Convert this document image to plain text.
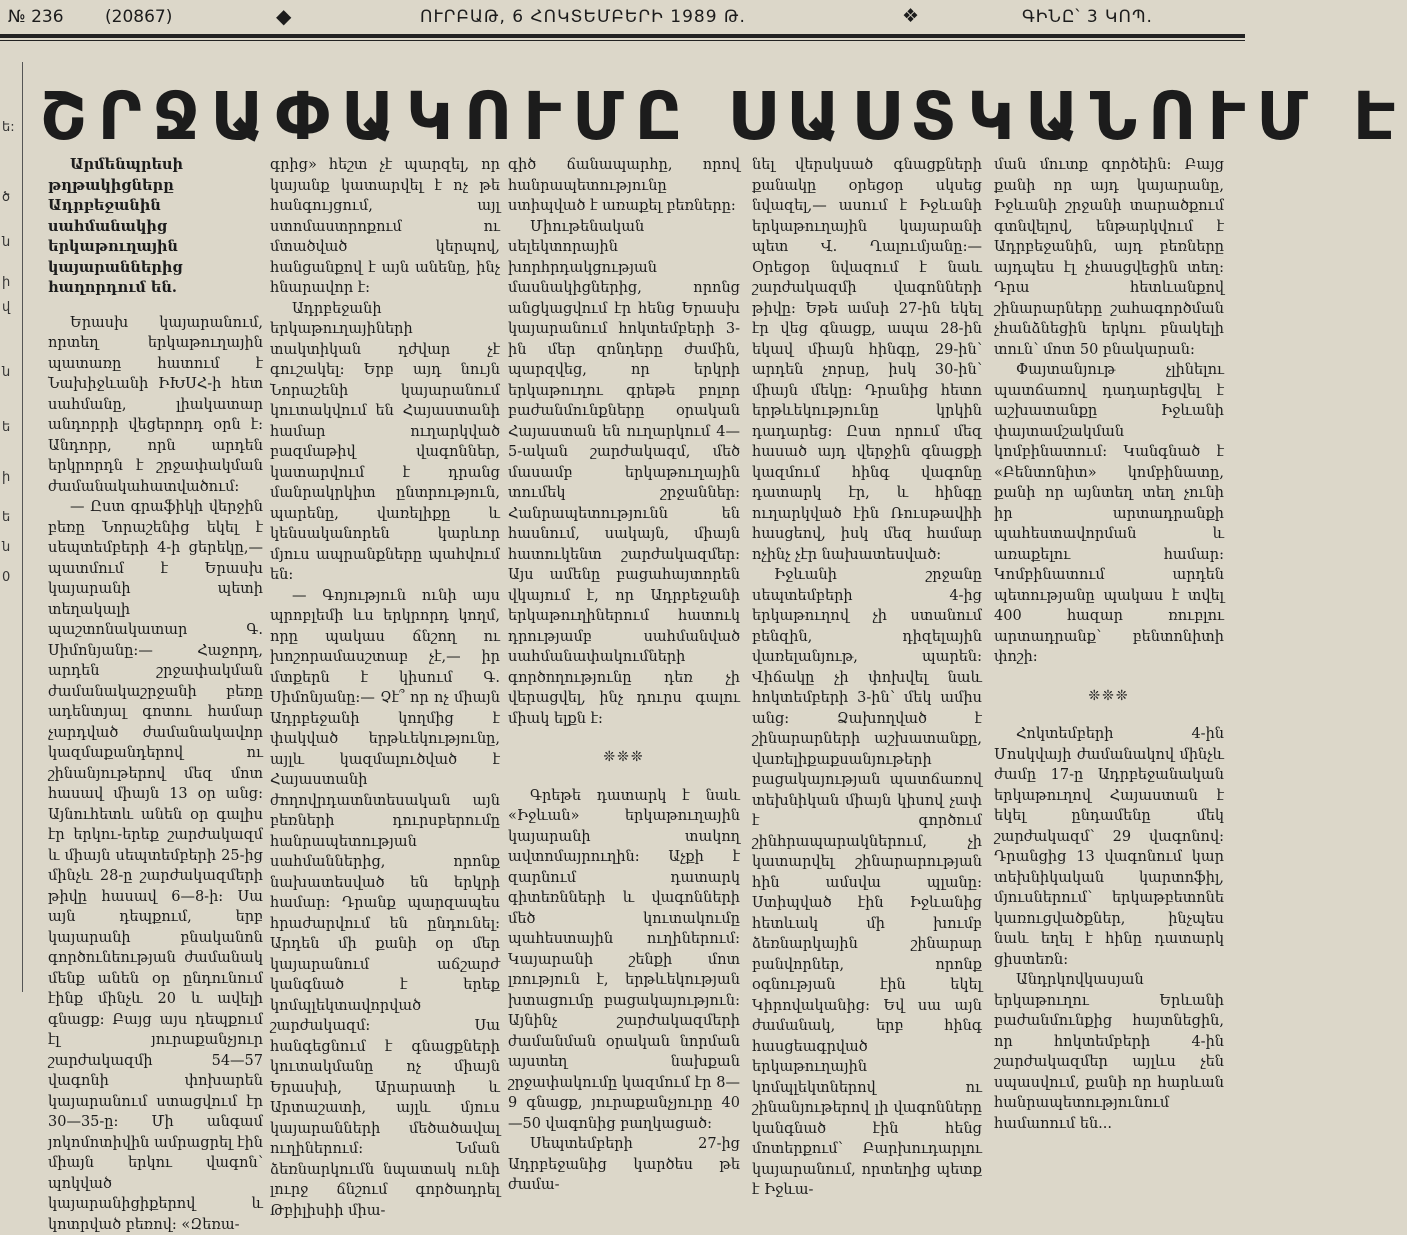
№ 236 (20867)	◆	ՈՒՐԲԱԹ, 6 ՀՈԿՏԵՄԲԵՐԻ 1989 Թ.	❖	ԳԻՆԸ՝ 3 ԿՈՊ.
ե:
ծ
ն
ի
վ
ն
ե
ի
ե
ն
0
ՇՐՋԱՓԱԿՈՒՄԸ ՍԱՍՏԿԱՆՈՒՄ Է

Արմենպրեսի թղթակիցները Ադրբեջանին սահմանակից երկաթուղային կայարաններից հաղորդում են.

Երասխ կայարանում, որտեղ երկաթուղային պատառը հատում է Նախիջևանի ԻԽՍՀ-ի հետ սահմանը, լիակատար անդորրի վեցերորդ օրն է: Անդորր, որն արդեն երկրորդն է շրջափակման ժամանակահատվածում:

— Ըստ գրաֆիկի վերջին բեռը Նորաշենից եկել է սեպտեմբերի 4-ի ցերեկը,— պատմում է Երասխ կայարանի պետի տեղակալի պաշտոնակատար Գ. Սիմոնյանը:— Հաջորդ, արդեն շրջափակման ժամանակաշրջանի բեռը ադենտյալ գոտու համար չարդված ժամանակավոր կազմաքանդերով ու շինանյութերով մեզ մոտ հասավ միայն 13 օր անց: Այնուհետև անեն օր գալիս էր երկու-երեք շարժակազմ և միայն սեպտեմբերի 25-ից մինչև 28-ը շարժակազմերի թիվը հասավ 6—8-ի: Սա այն դեպքում, երբ կայարանի բնականոն գործունեության ժամանակ մենք անեն օր ընդունում էինք մինչև 20 և ավելի գնացք: Բայց այս դեպքում էլ յուրաքանչյուր շարժակազմի 54—57 վագոնի փոխարեն կայարանում ստացվում էր 30—35-ը: Մի անգամ յոկոմոտիվին ամրացրել էին միայն երկու վագոն՝ պոկված կայարանիցիքերով և կոտրված բեռով: «Զեռա-

գրից» հեշտ չէ պարզել, որ կայանք կատարվել է ոչ թե հանգույցում, այլ ստոմաստրոքում ու մտածված կերպով, հանցանքով է այն անենը, ինչ հնարավոր է:

Ադրբեջանի երկաթուղայիների տակտիկան դժվար չէ գուշակել: Երբ այդ նույն Նորաշենի կայարանում կուտակվում են Հայաստանի համար ուղարկված բազմաթիվ վագոններ, կատարվում է դրանց մանրակրկիտ ընտրություն, պարենը, վառելիքը և կենսականորեն կարևոր մյուս ապրանքները պահվում են:

— Գոյություն ունի այս պրոբլեմի ևս երկրորդ կողմ, որը պակաս ճնշող ու խոշորամասշտաբ չէ,— իր մտքերն է կիսում Գ. Սիմոնյանը:— Չէ՞ որ ոչ միայն Ադրբեջանի կողմից է փակված երթևեկությունը, այլև կազմալուծված է Հայաստանի ժողովրդատնտեսական այն բեռների դուրսբերումը հանրապետության սահմաններից, որոնք նախատեսված են երկրի համար: Դրանք պարզապես հրաժարվում են ընդունել: Արդեն մի քանի օր մեր կայարանում աճշարժ կանգնած է երեք կոմպլեկտավորված շարժակազմ: Սա հանգեցնում է գնացքների կուտակմանը ոչ միայն Երասխի, Արարատի և Արտաշատի, այլև մյուս կայարանների մեծածավալ ուղիներում: Նման ձեռնարկումն նպատակ ունի լուրջ ճնշում գործադրել Թբիլիսիի միա-

գիծ ճանապարհը, որով հանրապետությունը ստիպված է առաքել բեռները:

Միութենական սելեկտորային խորհրդակցության մասնակիցներից, որոնց անցկացվում էր հենց Երասխ կայարանում հոկտեմբերի 3-ին մեր զոնդերը ժամին, պարզվեց, որ երկրի երկաթուղու գրեթե բոլոր բաժանմունքները օրական Հայաստան են ուղարկում 4—5-ական շարժակազմ, մեծ մասամբ երկաթուղային տումեկ շրջաններ: Հանրապետությունն են հասնում, սակայն, միայն հատուկենտ շարժակազմեր: Այս ամենը բացահայտորեն վկայում է, որ Ադրբեջանի երկաթուղիներում հատուկ դրությամբ սահմանված սահմանափակումների գործողությունը դեռ չի վերացվել, ինչ դուրս գալու միակ ելքն է:

❊❊❊

Գրեթե դատարկ է նաև «Իջևան» երկաթուղային կայարանի տակող ավտոմայրուղին: Աչքի է զարնում դատարկ գիտեռնների և վագոնների մեծ կուտակումը պահեստային ուղիներում: Կայարանի շենքի մոտ լռություն է, երթևեկության խտացումը բացակայություն: Այնինչ շարժակազմերի ժամանման օրական նորման այստեղ նախքան շրջափակումը կազմում էր 8—9 գնացք, յուրաքանչյուրը 40—50 վագոնից բաղկացած:

Սեպտեմբերի 27-ից Ադրբեջանից կարծես թե ժամա-

նել վերսկսած գնացքների քանակը օրեցօր սկսեց նվազել,— ասում է Իջևանի երկաթուղային կայարանի պետ Վ. Ղալումյանը:— Օրեցօր նվազում է նաև շարժակազմի վագոնների թիվը: Եթե ամսի 27-ին եկել էր վեց գնացք, ապա 28-ին եկավ միայն հինգը, 29-ին՝ արդեն չորսը, իսկ 30-ին՝ միայն մեկը: Դրանից հետո երթևեկությունը կրկին դադարեց: Ըստ որում մեզ հասած այդ վերջին գնացքի կազմում հինգ վագոնը դատարկ էր, և հինգը ուղարկված էին Ռուսթավիի հասցեով, իսկ մեզ համար ոչինչ չէր նախատեսված:

Իջևանի շրջանը սեպտեմբերի 4-ից երկաթուղով չի ստանում բենզին, դիզելային վառելանյութ, պարեն: Վիճակը չի փոխվել նաև հոկտեմբերի 3-ին՝ մեկ ամիս անց: Ձախողված է շինարարների աշխատանքը, վառելիքաքսանյութերի բացակայության պատճառով տեխնիկան միայն կիսով չափ է գործում շինհրապարակներում, չի կատարվել շինարարության հին ամսվա պլանը: Ստիպված էին Իջևանից հետևակ մի խումբ ձեռնարկային շինարար բանվորներ, որոնք օգնության էին եկել Կիրովականից: Եվ սա այն ժամանակ, երբ հինգ հասցեագրված երկաթուղային կոմպլեկտներով ու շինանյութերով լի վագոնները կանգնած էին հենց մոտերքում՝ Բարխուդարլու կայարանում, որտեղից պետք է Իջևա-

ման մուտք գործեին: Բայց քանի որ այդ կայարանը, Իջևանի շրջանի տարածքում գտնվելով, ենթարկվում է Ադրբեջանին, այդ բեռները այդպես էլ չհասցվեցին տեղ: Դրա հետևանքով շինարարները շահագործման չհանձնեցին երկու բնակելի տուն՝ մոտ 50 բնակարան:

Փայտանյութ չլինելու պատճառով դադարեցվել է աշխատանքը Իջևանի փայտամշակման կոմբինատում: Կանգնած է «Բենտոնիտ» կոմբինատը, քանի որ այնտեղ տեղ չունի իր արտադրանքի պահեստավորման և առաքելու համար: Կոմբինատում արդեն պետությանը պակաս է տվել 400 հազար ռուբլու արտադրանք՝ բենտոնիտի փոշի:

❊❊❊

Հոկտեմբերի 4-ին Մոսկվայի ժամանակով մինչև ժամը 17-ը Ադրբեջանական երկաթուղով Հայաստան է եկել ընդամենը մեկ շարժակազմ՝ 29 վագոնով: Դրանցից 13 վագոնում կար տեխնիկական կարտոֆիլ, մյուսներում՝ երկաթբետոնե կառուցվածքներ, ինչպես նաև եղել է հինը դատարկ ցիստեռն:

Անդրկովկասյան երկաթուղու Երևանի բաժանմունքից հայտնեցին, որ հոկտեմբերի 4-ին շարժակազմեր այլևս չեն սպասվում, քանի որ հարևան հանրապետությունում համաոում են...
